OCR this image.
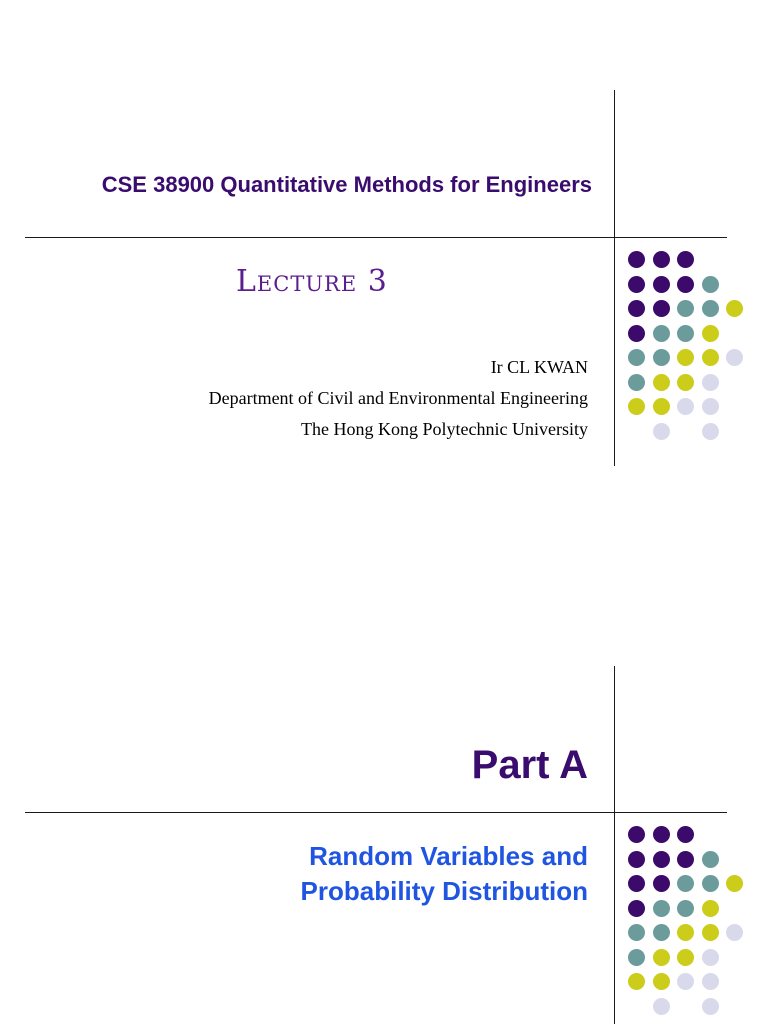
CSE 38900 Quantitative Methods for Engineers
Lecture 3
Ir CL KWAN
Department of Civil and Environmental Engineering
The Hong Kong Polytechnic University
Part A
Random Variables and
Probability Distribution
